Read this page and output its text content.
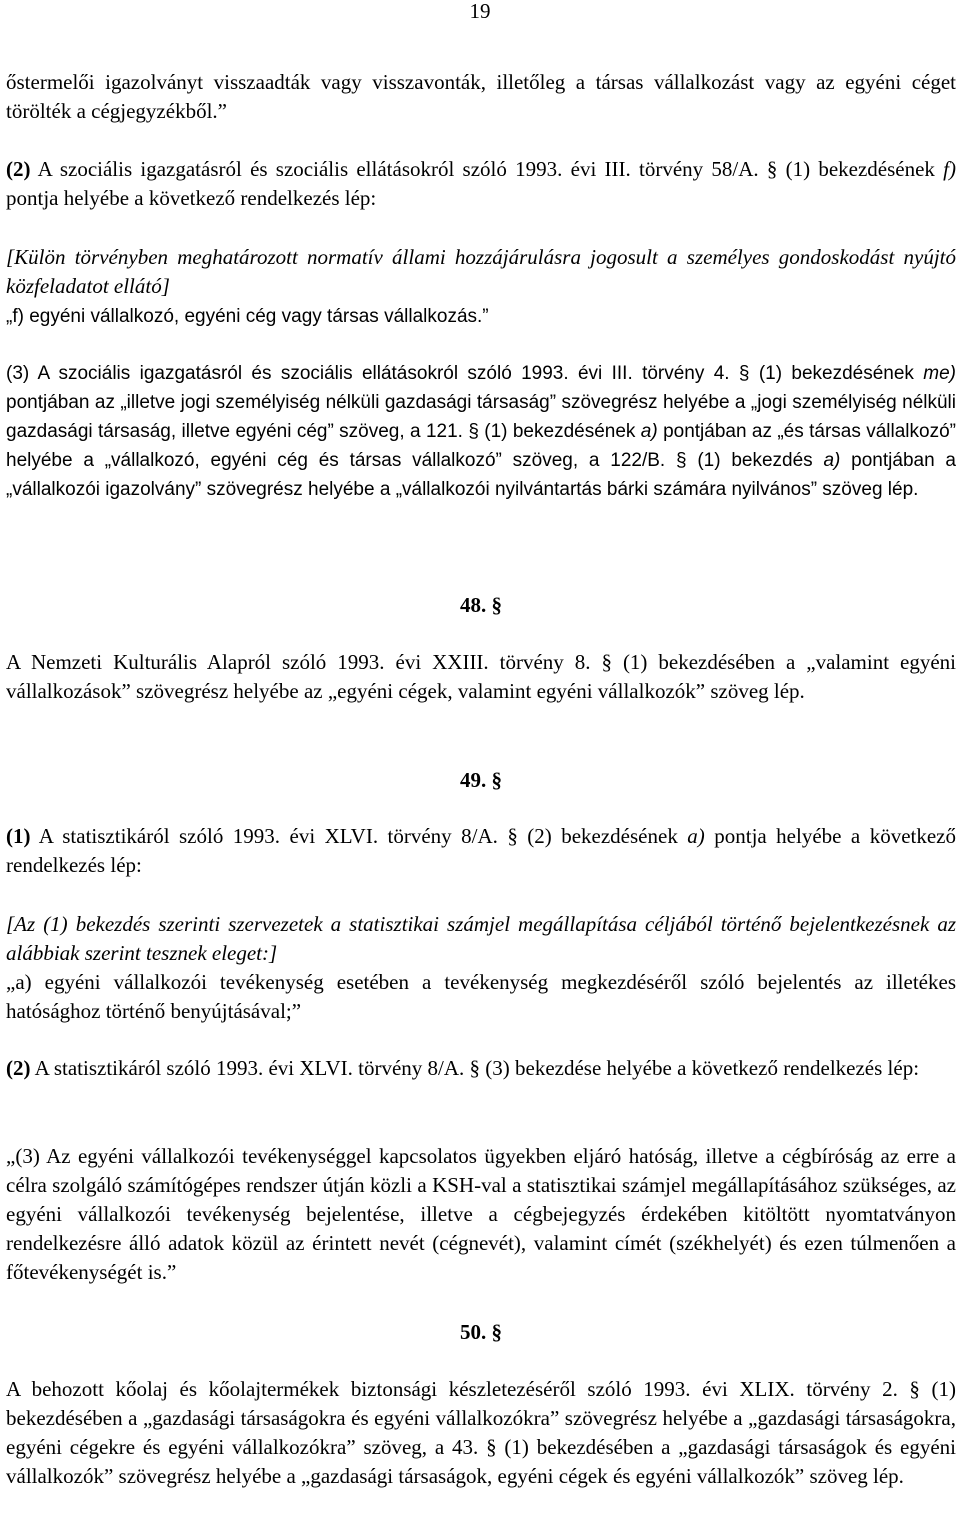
19
őstermelői igazolványt visszaadták vagy visszavonták, illetőleg a társas vállalkozást vagy az egyéni céget törölték a cégjegyzékből.”
(2) A szociális igazgatásról és szociális ellátásokról szóló 1993. évi III. törvény 58/A. § (1) bekezdésének f) pontja helyébe a következő rendelkezés lép:
[Külön törvényben meghatározott normatív állami hozzájárulásra jogosult a személyes gondoskodást nyújtó közfeladatot ellátó]
„f) egyéni vállalkozó, egyéni cég vagy társas vállalkozás.”
(3) A szociális igazgatásról és szociális ellátásokról szóló 1993. évi III. törvény 4. § (1) bekezdésének me) pontjában az „illetve jogi személyiség nélküli gazdasági társaság” szövegrész helyébe a „jogi személyiség nélküli gazdasági társaság, illetve egyéni cég” szöveg, a 121. § (1) bekezdésének a) pontjában az „és társas vállalkozó” helyébe a „vállalkozó, egyéni cég és társas vállalkozó” szöveg, a 122/B. § (1) bekezdés a) pontjában a „vállalkozói igazolvány” szövegrész helyébe a „vállalkozói nyilvántartás bárki számára nyilvános” szöveg lép.
48. §
A Nemzeti Kulturális Alapról szóló 1993. évi XXIII. törvény 8. § (1) bekezdésében a „valamint egyéni vállalkozások” szövegrész helyébe az „egyéni cégek, valamint egyéni vállalkozók” szöveg lép.
49. §
(1) A statisztikáról szóló 1993. évi XLVI. törvény 8/A. § (2) bekezdésének a) pontja helyébe a következő rendelkezés lép:
[Az (1) bekezdés szerinti szervezetek a statisztikai számjel megállapítása céljából történő bejelentkezésnek az alábbiak szerint tesznek eleget:]
„a) egyéni vállalkozói tevékenység esetében a tevékenység megkezdéséről szóló bejelentés az illetékes hatósághoz történő benyújtásával;”
(2) A statisztikáról szóló 1993. évi XLVI. törvény 8/A. § (3) bekezdése helyébe a következő rendelkezés lép:
„(3) Az egyéni vállalkozói tevékenységgel kapcsolatos ügyekben eljáró hatóság, illetve a cégbíróság az erre a célra szolgáló számítógépes rendszer útján közli a KSH-val a statisztikai számjel megállapításához szükséges, az egyéni vállalkozói tevékenység bejelentése, illetve a cégbejegyzés érdekében kitöltött nyomtatványon rendelkezésre álló adatok közül az érintett nevét (cégnevét), valamint címét (székhelyét) és ezen túlmenően a főtevékenységét is.”
50. §
A behozott kőolaj és kőolajtermékek biztonsági készletezéséről szóló 1993. évi XLIX. törvény 2. § (1) bekezdésében a „gazdasági társaságokra és egyéni vállalkozókra” szövegrész helyébe a „gazdasági társaságokra, egyéni cégekre és egyéni vállalkozókra” szöveg, a 43. § (1) bekezdésében a „gazdasági társaságok és egyéni vállalkozók” szövegrész helyébe a „gazdasági társaságok, egyéni cégek és egyéni vállalkozók” szöveg lép.
